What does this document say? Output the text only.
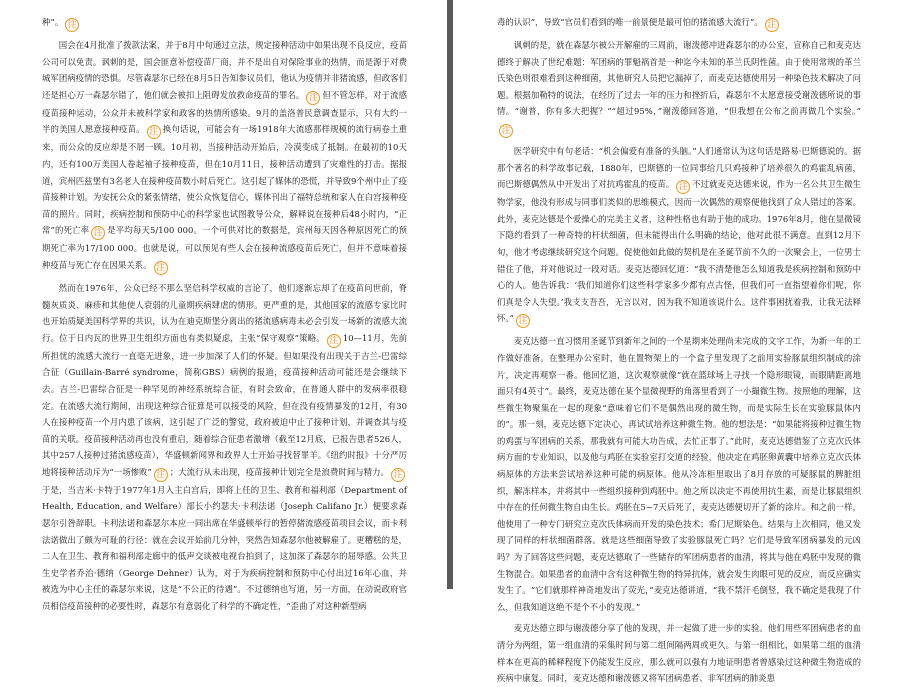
种”。 注

国会在4月批准了拨款法案，并于8月中旬通过立法，规定接种活动中如果出现不良反应，疫苗公司可以免责。讽刺的是，国会匪意补偿疫苗厂商，并不是出自对保险事业的热情，而是源于对费城军团病疫情的恐惧。尽管森瑟尔已经在8月5日告知参议员们，他认为疫情并非猪流感，但政客们还是担心万一森瑟尔错了，他们就会被扣上阻碍发放救命疫苗的罪名。 注 但不管怎样，对于流感疫苗接种运动，公众并未被科学家和政客的热情所感染。9月的盖洛普民意调查显示，只有大约一半的美国人愿意接种疫苗。 注 换句话说，可能会有一场1918年大流感那样规模的流行病卷土重来，而公众的反应却是不屑一顾。10月初，当接种活动开始后，冷漠变成了抵制。在最初的10天内，还有100万美国人卷起袖子接种疫苗，但在10月11日，接种活动遭到了灾难性的打击。据报道，宾州匹兹堡有3名老人在接种疫苗数小时后死亡。这引起了媒体的恐慌，并导致9个州中止了疫苗接种计划。为安抚公众的紧张情绪，使公众恢复信心，媒体刊出了福特总统和家人在白宫接种疫苗的照片。同时，疾病控制和预防中心的科学家也试图教导公众，解释说在接种后48小时内，“正常”的死亡率 注 是平均每天5/100 000。一个可供对比的数据是，宾州每天因各种原因死亡的预期死亡率为17/100 000。也就是说，可以预见有些人会在接种流感疫苗后死亡，但并不意味着接种疫苗与死亡存在因果关系。 注

然而在1976年，公众已经不那么坚信科学权威的言论了，他们逐渐忘却了在疫苗问世前，脊髓灰质炎、麻疹和其他使人衰弱的儿童期疾病肆虐的情形。更严重的是，其他国家的流感专家比时也开始质疑美国科学界的共识，认为在迪克斯堡分离出的猪流感病毒未必会引发一场新的流感大流行。位于日内瓦的世界卫生组织方面也有类似疑虑，主张“保守观察”策略。 注 10—11月，先前所担忧的流感大流行一直毫无进象，进一步加深了人们的怀疑。但如果没有出现关于吉兰-巴雷综合征（Guillain-Barré syndrome，简称GBS）病例的报道，疫苗接种活动可能还是会继续下去。吉兰-巴雷综合征是一种罕见的神经系统综合征，有时会致命，在普通人群中的发病率很稳定。在流感大流行期间，出现这种综合征算是可以接受的风险，但在没有疫情暴发的12月，有30人在接种疫苗一个月内患了该病，这引起了广泛的警觉，政府被迫中止了接种计划，并调查其与疫苗的关联。疫苗接种活动再也没有重启，随着综合征患者激增（截至12月底，已报告患者526人，其中257人接种过猪流感疫苗），华盛顿新闻界和政界人士开始寻找替罪羊。《纽约时报》十分严厉地将接种活动斥为“一场惨败” 注 ；大流行从未出现，疫苗接种计划完全是浪费时间与精力。 注于是，当吉米·卡特于1977年1月入主白宫后，即将上任的卫生、教育和福利部（Department of Health, Education, and Welfare）部长小约瑟夫·卡利法诺（Joseph Califano Jr.）便要求森瑟尔引咎辞职。卡利法诺和森瑟尔本应一同出席在华盛顿举行的暂停猪流感疫苗项目会议，而卡利法诺做出了颇为可耻的行径：就在会议开始前几分钟，突然告知森瑟尔他被解雇了。更糟糕的是，二人在卫生、教育和福利部走廊中的低声交谈被电视台拍到了，这加深了森瑟尔的屈辱感。公共卫生史学者乔治·德纳（George Dehner）认为，对于为疾病控制和预防中心付出过16年心血，并被选为中心主任的森瑟尔来说，这是“不公正的待遇”。不过德纳也写道，另一方面，在动说政府官员相信疫苗接种的必要性时，森瑟尔有意弱化了科学的不确定性，“歪曲了对这种新型病

毒的认识”，导致“官员们看到的唯一前景便是最可怕的猪流感大流行”。 注

讽刺的是，就在森瑟尔被公开解雇的三周前，谢泼德冲进森瑟尔的办公室，宣称自己和麦克达德终于解决了世纪难题：军团病的罪魁祸首是一种迄今未知的革兰氏阴性菌。由于使用常规的革兰氏染色则很难看到这种细菌，其他研究人员把它漏掉了，而麦克达德使用另一种染色技术解决了问题。根据加勒特的说法，在经历了过去一年的压力和挫折后，森瑟尔不太愿意接受谢泼德所说的事情。“谢普，你有多大把握？”“超过95%，”谢泼德回答道，“但我想在公布之前再做几个实验。”注

医学研究中有句老话：“机会偏爱有准备的头脑。”人们通常认为这句话是路易·巴斯德说的。据那个著名的科学故事记载，1880年，巴斯德的一位同事给几只鸡接种了培养很久的鸡霍乱病菌，而巴斯德偶然从中开发出了对抗鸡霍乱的疫苗。 注 不过就麦克达德来说，作为一名公共卫生微生物学家，他没有形成与同事们类似的思维模式，因而一次偶然的观察便他找到了众人错过的答案。此外，麦克达德是个爱操心的完美主义者，这种性格也有助于他的成功。1976年8月，他在显微镜下隐约看到了一种奇特的杆状细菌，但未能得出什么明确的结论，他对此很不满意。直到12月下旬，他才考虑继续研究这个问题。促使他如此做的契机是在圣诞节前不久的一次聚会上，一位男士错住了他，并对他说过一段对话。麦克达德回忆道：“我不清楚他怎么知道我是疾病控制和预防中心的人。他告诉我：‘我们知道你们这些科学家多少都有点古怪，但我们可一直指望着你们呢，你们真是令人失望。’我支支吾吾，无言以对，因为我不知道该说什么。这件事困扰着我，让我无法释怀。” 注

麦克达德一直习惯用圣诞节到新年之间的一个星期来处理尚未完成的文字工作，为新一年的工作做好准备。在整理办公室时，他在置物架上的一个盒子里发现了之前用实验豚鼠组织制成的涂片，决定再观察一番。他回忆道，这次观察就像“就在篮球场上寻找一个隐形眼镜，而眼睛距离地面只有4英寸”。最终，麦克达德在某个显微视野的角落里看到了一小撮微生物。按照他的理解，这些微生物聚集在一起的现象“意味着它们不是偶然出现的微生物，而是实际生长在实验豚鼠体内的”。那一刻，麦克达德下定决心，再试试培养这种微生物。他的想法是：“如果能将接种过微生物的鸡蛋与军团病的关系，那我就有可能大功告成，去忙正事了。”此时，麦克达德借鉴了立克次氏体病方面的专业知识，以及他与鸡胚在实验室打交道的经验，他决定在鸡胚卵黄囊中培养立克次氏体病原体的方法来尝试培养这种可能的病原体。他从冷冻柜里取出了8月存放的可疑豚鼠的脾脏组织，解冻样本，并将其中一些组织接种到鸡胚中。他之所以决定不再使用抗生素，而是让豚鼠组织中存在的任何微生物自由生长。鸡胚在5~7天后死了，麦克达德便切开了新的涂片。和之前一样，他使用了一种专门研究立克次氏体病而开发的染色技术；希门尼斯染色。结果与上次相同，他又发现了同样的杆状细菌群落。就是这些细菌导致了实验豚鼠死亡吗？它们是导致军团病暴发的元凶吗？为了回答这些问题，麦克达德取了一些储存的军团病患者的血清，将其与他在鸡胚中发现的微生物混合。如果患者的血清中含有这种微生物的特异抗体，就会发生肉眼可见的反应，而反应确实发生了。“它们就那样神奇地发出了荧光，”麦克达德讲道，“我不禁汗毛倒竖，我不确定是我现了什么，但我知道这绝不是个不小的发现。”

麦克达德立即与谢泼德分享了他的发现，并一起做了进一步的实验。他们用些军团病患者的血清分为两组，第一组血清的采集时间与第二组间隔两周或更久。与第一组相比，如果第二组的血清样本在更高的稀释程度下仍能发生反应，那么就可以强有力地证明患者曾感染过这种微生物造成的疾病中康复。同时，麦克达德和谢泼德又将军团病患者、非军团病的肺炎患
